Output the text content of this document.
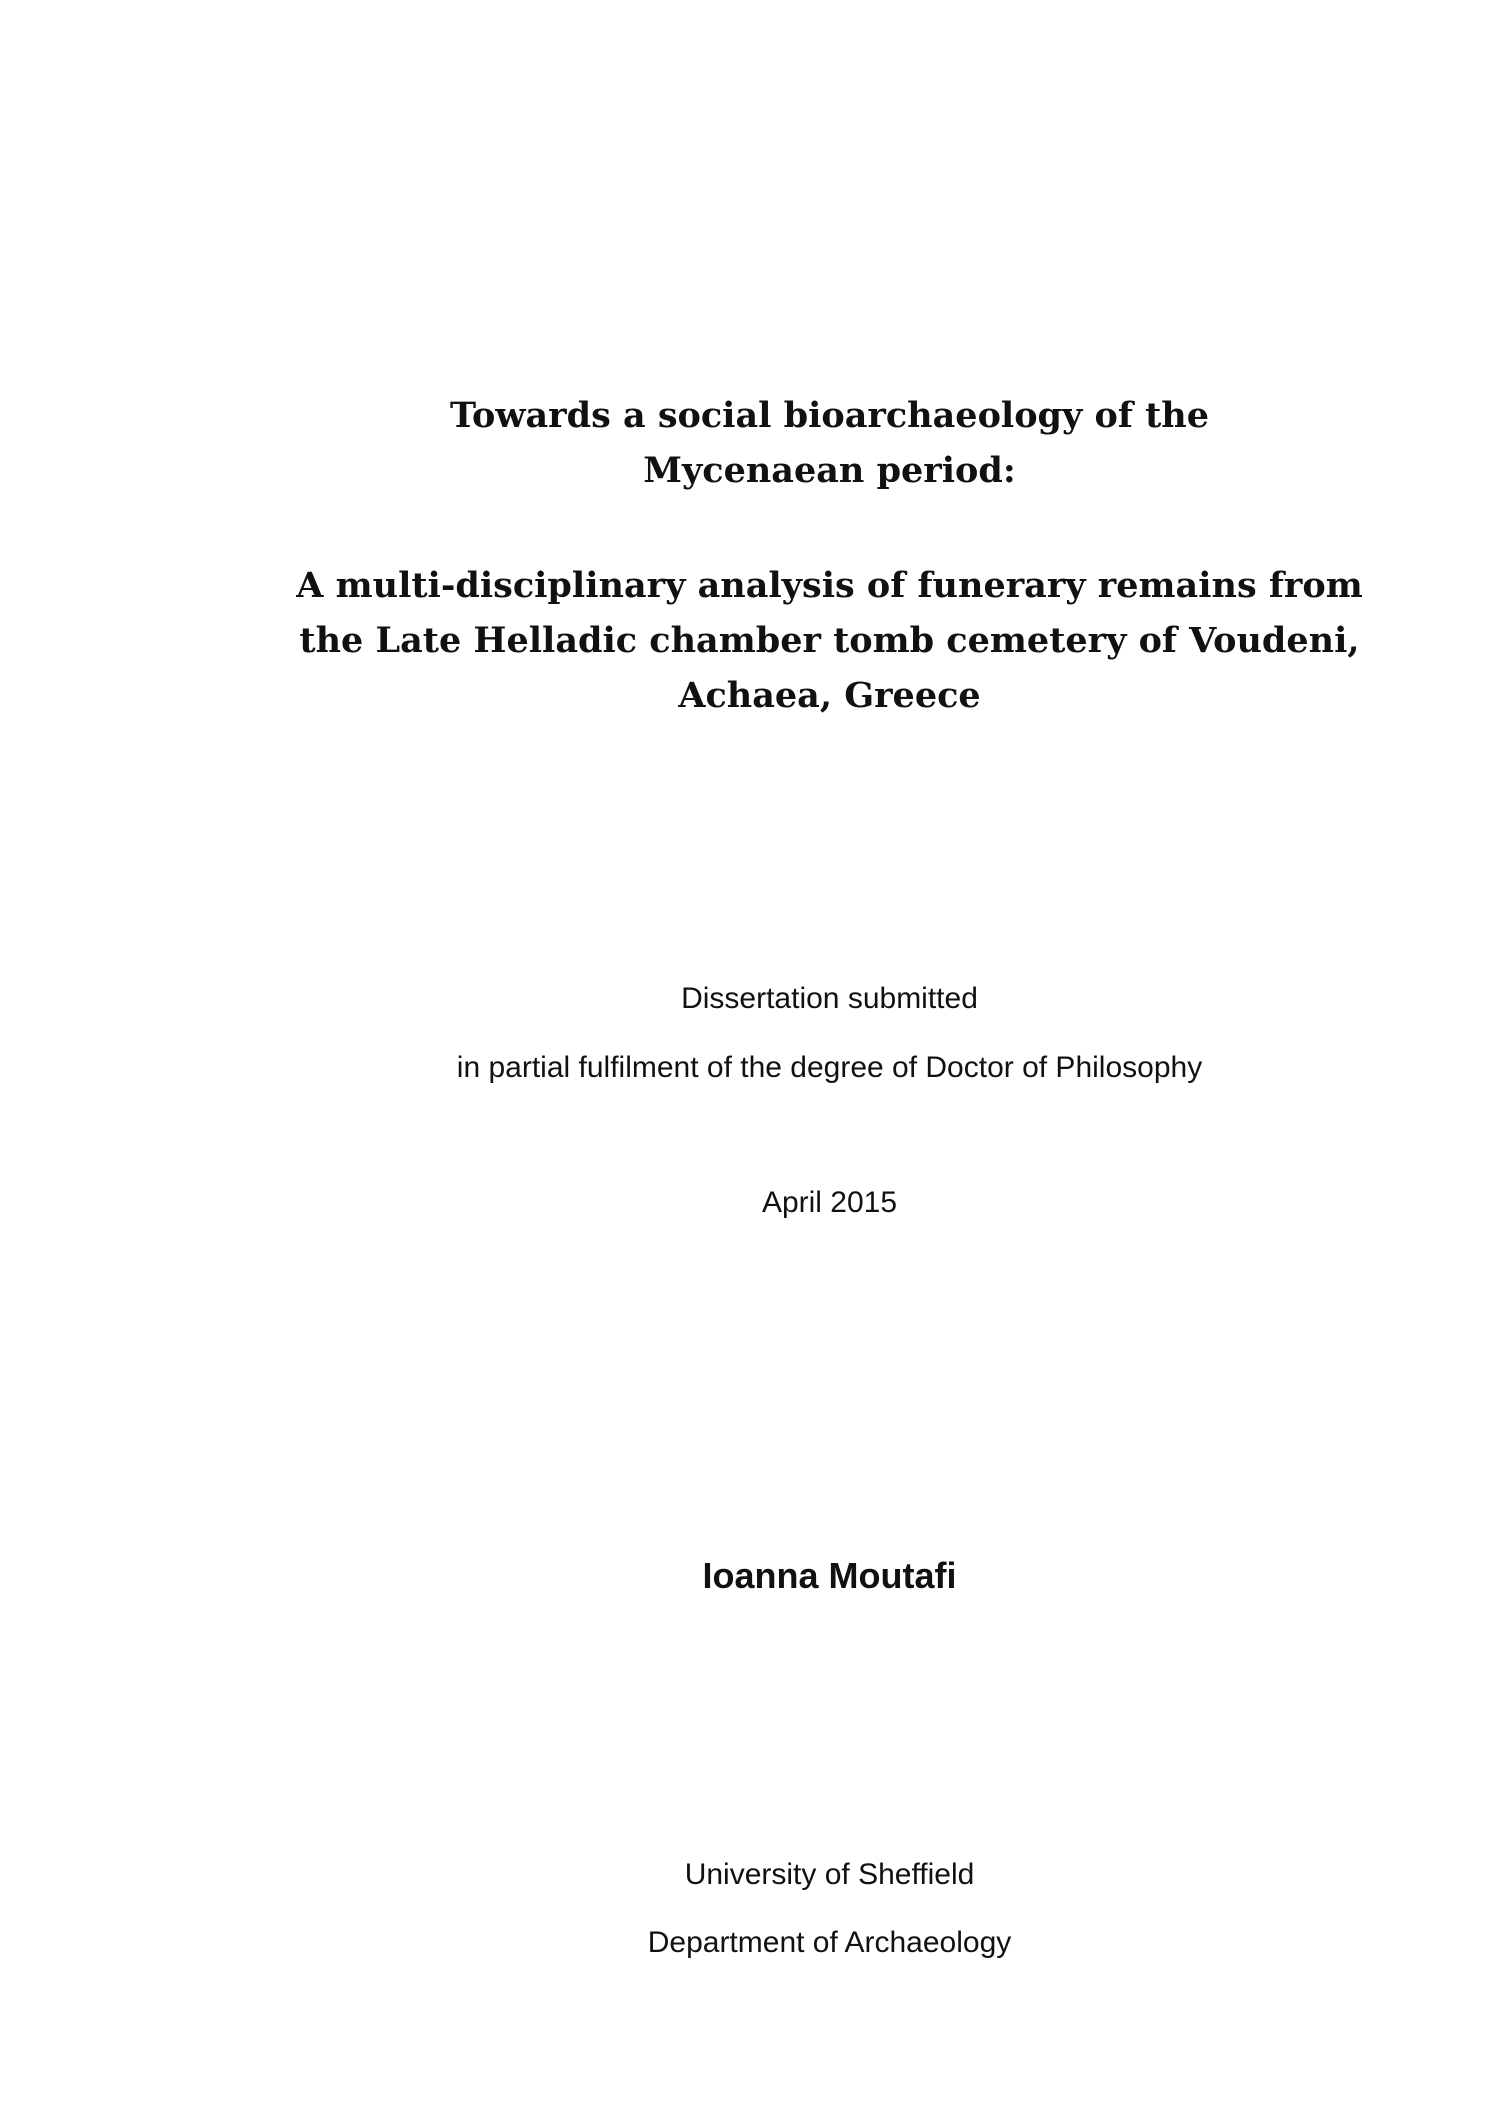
Towards a social bioarchaeology of the
Mycenaean period:
A multi-disciplinary analysis of funerary remains from
the Late Helladic chamber tomb cemetery of Voudeni,
Achaea, Greece
Dissertation submitted
in partial fulfilment of the degree of Doctor of Philosophy
April 2015
Ioanna Moutafi
University of Sheffield
Department of Archaeology
